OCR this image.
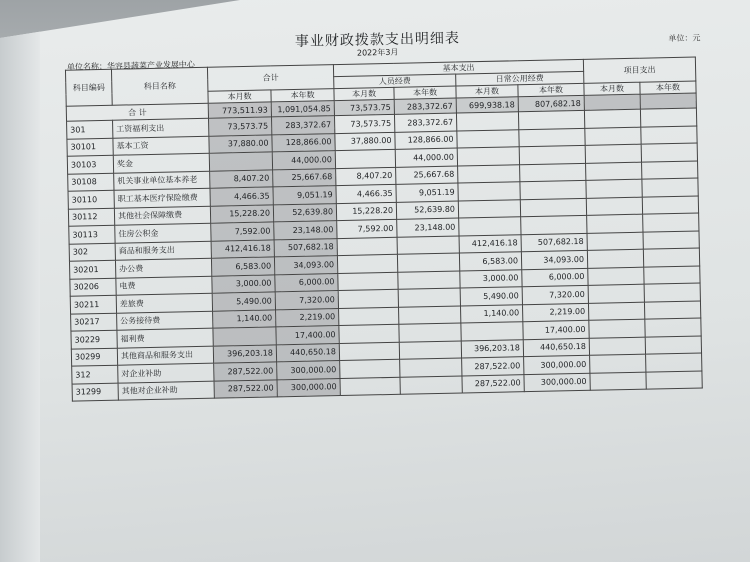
事业财政拨款支出明细表
2022年3月
单位：元
单位名称：华容县蔬菜产业发展中心
科目编码	科目名称	合计		基本支出				项目支出	
				人员经费		日常公用经费			
		本月数	本年数	本月数	本年数	本月数	本年数	本月数	本年数
合 计		773,511.93	1,091,054.85	73,573.75	283,372.67	699,938.18	807,682.18		
301	工资福利支出	73,573.75	283,372.67	73,573.75	283,372.67				
30101	基本工资	37,880.00	128,866.00	37,880.00	128,866.00				
30103	奖金		44,000.00		44,000.00				
30108	机关事业单位基本养老	8,407.20	25,667.68	8,407.20	25,667.68				
30110	职工基本医疗保险缴费	4,466.35	9,051.19	4,466.35	9,051.19				
30112	其他社会保障缴费	15,228.20	52,639.80	15,228.20	52,639.80				
30113	住房公积金	7,592.00	23,148.00	7,592.00	23,148.00				
302	商品和服务支出	412,416.18	507,682.18			412,416.18	507,682.18		
30201	办公费	6,583.00	34,093.00			6,583.00	34,093.00		
30206	电费	3,000.00	6,000.00			3,000.00	6,000.00		
30211	差旅费	5,490.00	7,320.00			5,490.00	7,320.00		
30217	公务接待费	1,140.00	2,219.00			1,140.00	2,219.00		
30229	福利费		17,400.00				17,400.00		
30299	其他商品和服务支出	396,203.18	440,650.18			396,203.18	440,650.18		
312	对企业补助	287,522.00	300,000.00			287,522.00	300,000.00		
31299	其他对企业补助	287,522.00	300,000.00			287,522.00	300,000.00		
